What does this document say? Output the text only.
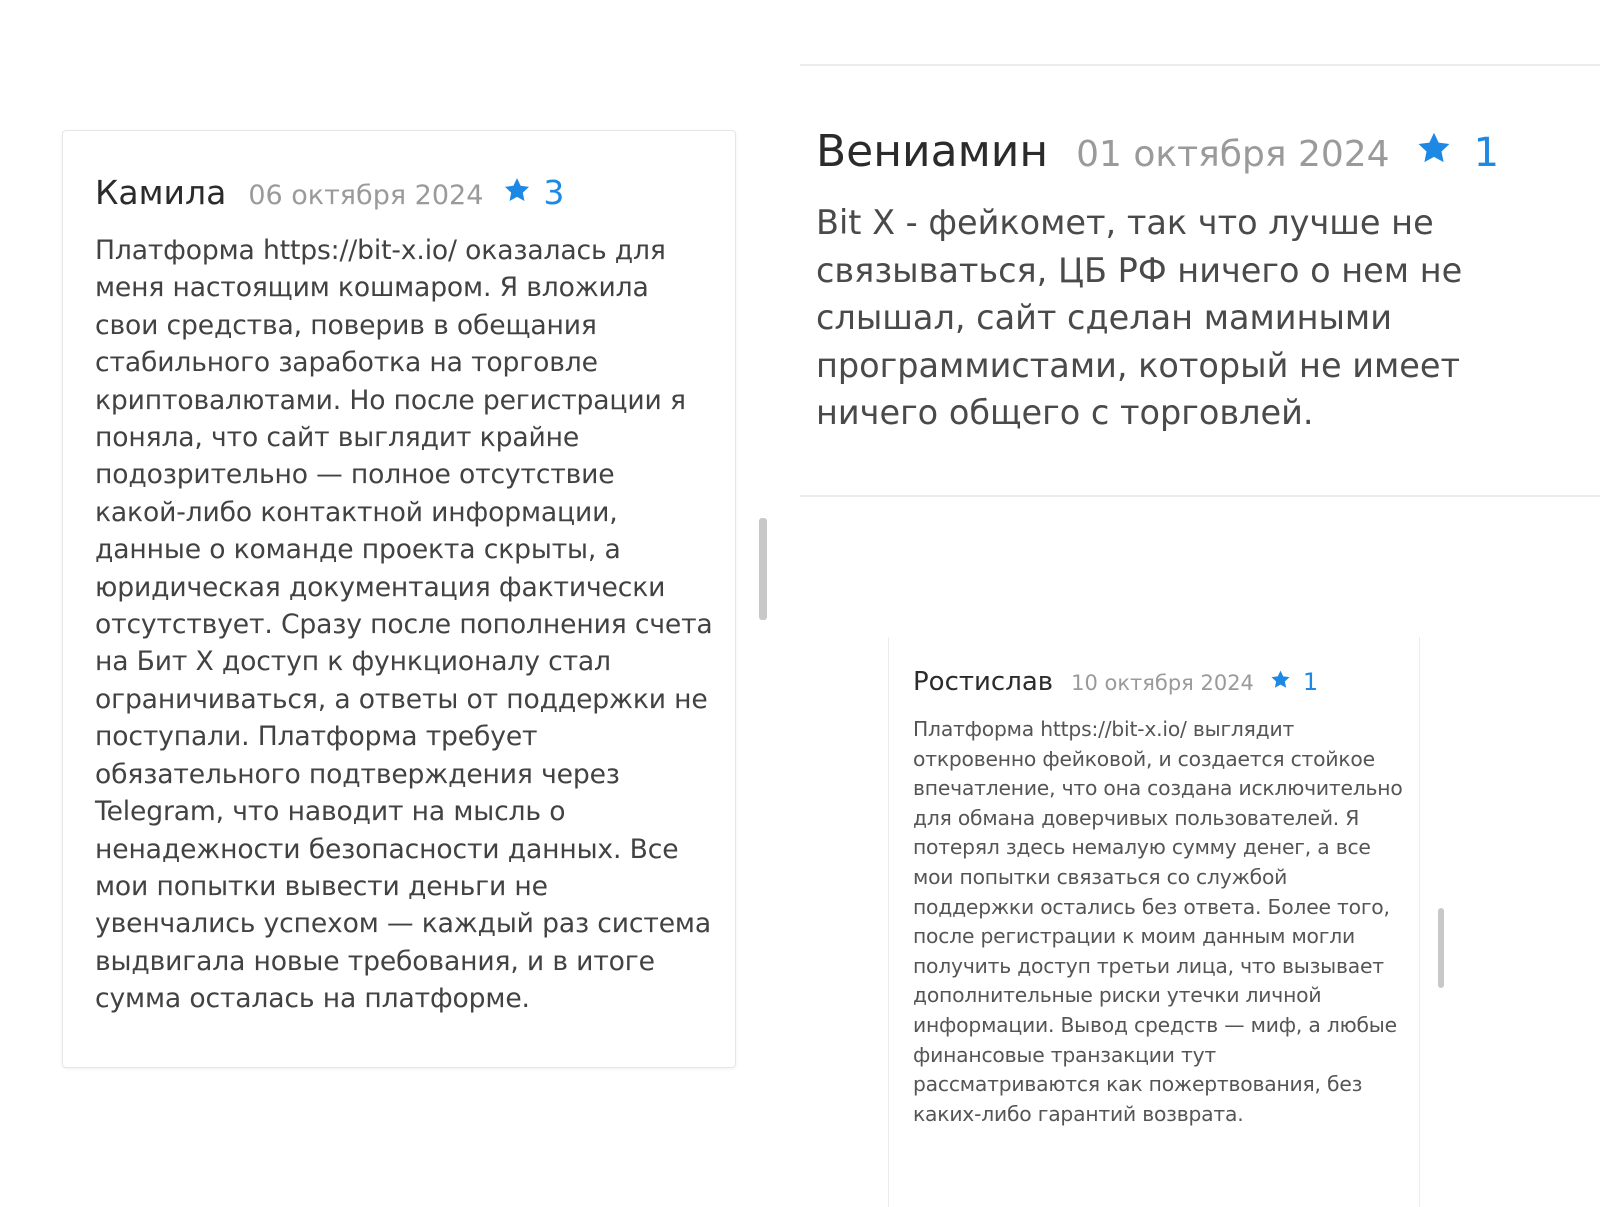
Камила 06 октября 2024 3

Платформа https://bit-x.io/ оказалась для меня настоящим кошмаром. Я вложила свои средства, поверив в обещания стабильного заработка на торговле криптовалютами. Но после регистрации я поняла, что сайт выглядит крайне подозрительно — полное отсутствие какой-либо контактной информации, данные о команде проекта скрыты, а юридическая документация фактически отсутствует. Сразу после пополнения счета на Бит Х доступ к функционалу стал ограничиваться, а ответы от поддержки не поступали. Платформа требует обязательного подтверждения через Telegram, что наводит на мысль о ненадежности безопасности данных. Все мои попытки вывести деньги не увенчались успехом — каждый раз система выдвигала новые требования, и в итоге сумма осталась на платформе.

Вениамин 01 октября 2024 1

Bit X - фейкомет, так что лучше не связываться, ЦБ РФ ничего о нем не слышал, сайт сделан мамиными программистами, который не имеет ничего общего с торговлей.

Ростислав 10 октября 2024 1

Платформа https://bit-x.io/ выглядит откровенно фейковой, и создается стойкое впечатление, что она создана исключительно для обмана доверчивых пользователей. Я потерял здесь немалую сумму денег, а все мои попытки связаться со службой поддержки остались без ответа. Более того, после регистрации к моим данным могли получить доступ третьи лица, что вызывает дополнительные риски утечки личной информации. Вывод средств — миф, а любые финансовые транзакции тут рассматриваются как пожертвования, без каких-либо гарантий возврата.
